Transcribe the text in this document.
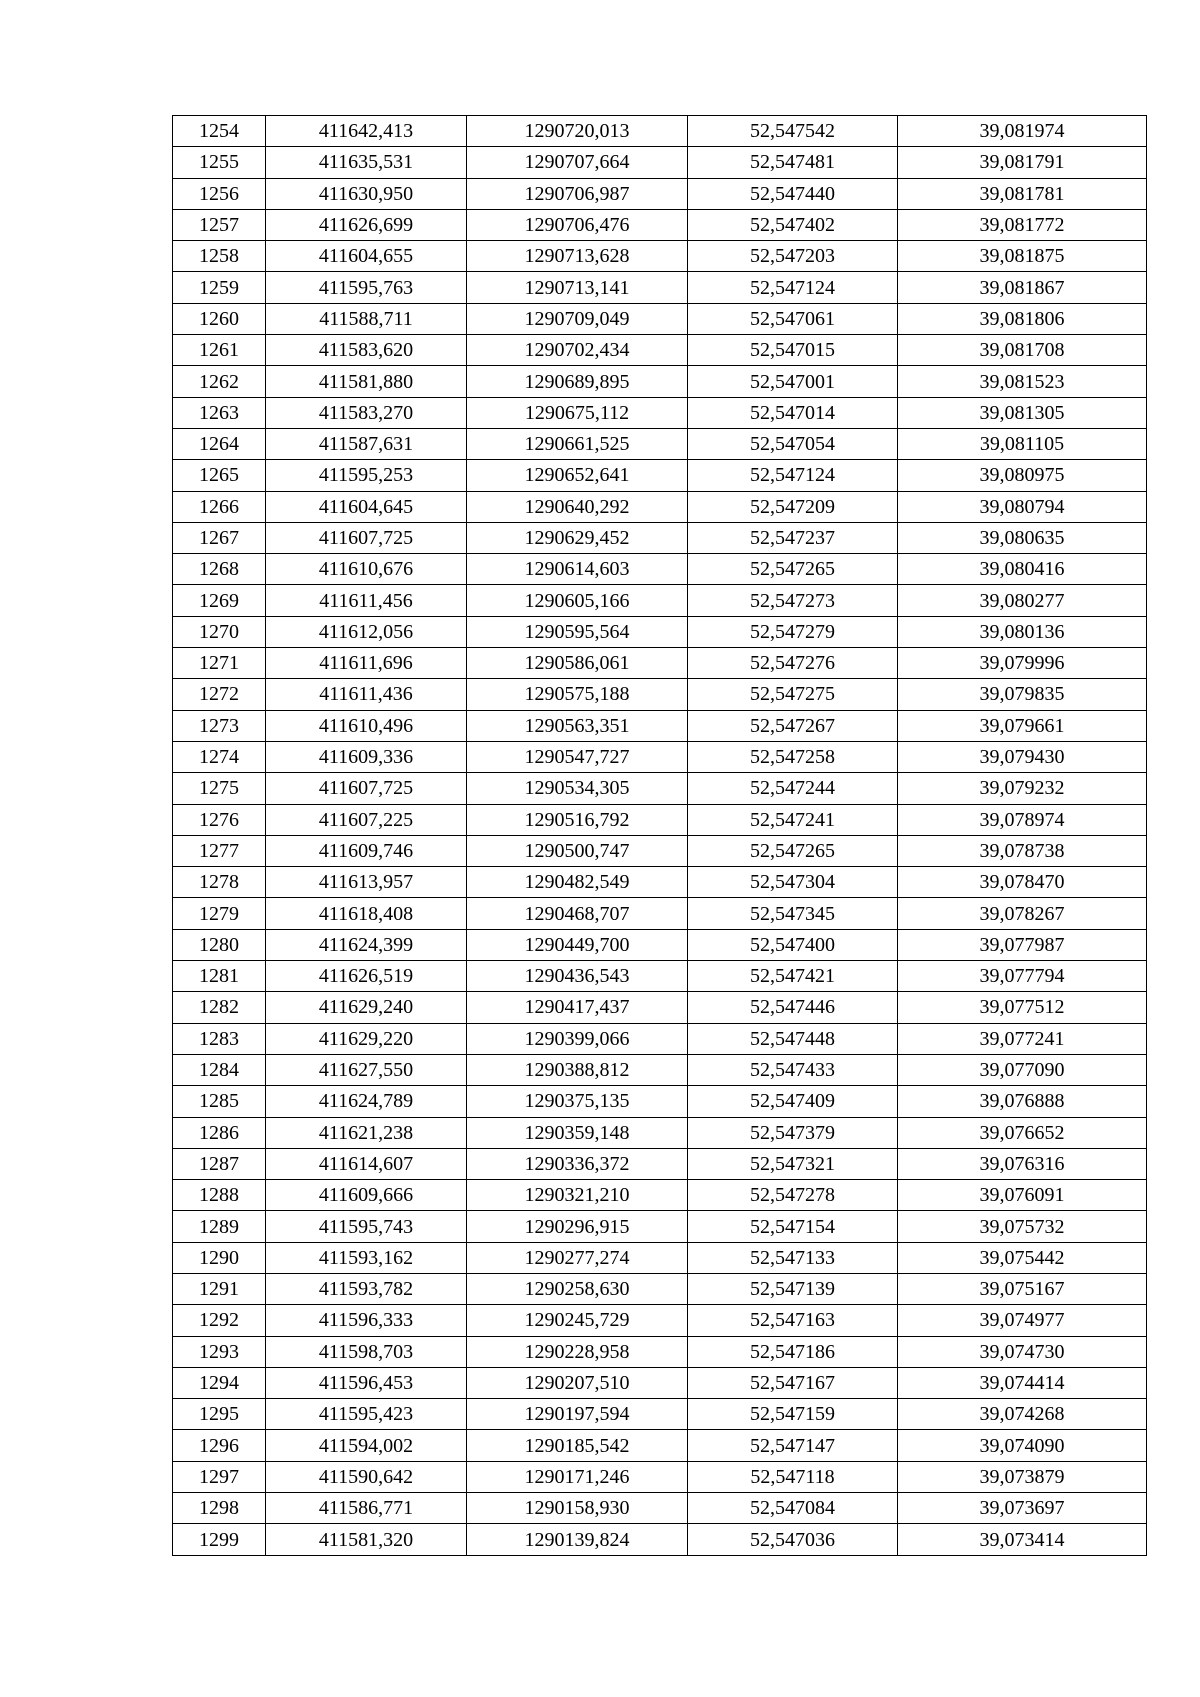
1254	411642,413	1290720,013	52,547542	39,081974
1255	411635,531	1290707,664	52,547481	39,081791
1256	411630,950	1290706,987	52,547440	39,081781
1257	411626,699	1290706,476	52,547402	39,081772
1258	411604,655	1290713,628	52,547203	39,081875
1259	411595,763	1290713,141	52,547124	39,081867
1260	411588,711	1290709,049	52,547061	39,081806
1261	411583,620	1290702,434	52,547015	39,081708
1262	411581,880	1290689,895	52,547001	39,081523
1263	411583,270	1290675,112	52,547014	39,081305
1264	411587,631	1290661,525	52,547054	39,081105
1265	411595,253	1290652,641	52,547124	39,080975
1266	411604,645	1290640,292	52,547209	39,080794
1267	411607,725	1290629,452	52,547237	39,080635
1268	411610,676	1290614,603	52,547265	39,080416
1269	411611,456	1290605,166	52,547273	39,080277
1270	411612,056	1290595,564	52,547279	39,080136
1271	411611,696	1290586,061	52,547276	39,079996
1272	411611,436	1290575,188	52,547275	39,079835
1273	411610,496	1290563,351	52,547267	39,079661
1274	411609,336	1290547,727	52,547258	39,079430
1275	411607,725	1290534,305	52,547244	39,079232
1276	411607,225	1290516,792	52,547241	39,078974
1277	411609,746	1290500,747	52,547265	39,078738
1278	411613,957	1290482,549	52,547304	39,078470
1279	411618,408	1290468,707	52,547345	39,078267
1280	411624,399	1290449,700	52,547400	39,077987
1281	411626,519	1290436,543	52,547421	39,077794
1282	411629,240	1290417,437	52,547446	39,077512
1283	411629,220	1290399,066	52,547448	39,077241
1284	411627,550	1290388,812	52,547433	39,077090
1285	411624,789	1290375,135	52,547409	39,076888
1286	411621,238	1290359,148	52,547379	39,076652
1287	411614,607	1290336,372	52,547321	39,076316
1288	411609,666	1290321,210	52,547278	39,076091
1289	411595,743	1290296,915	52,547154	39,075732
1290	411593,162	1290277,274	52,547133	39,075442
1291	411593,782	1290258,630	52,547139	39,075167
1292	411596,333	1290245,729	52,547163	39,074977
1293	411598,703	1290228,958	52,547186	39,074730
1294	411596,453	1290207,510	52,547167	39,074414
1295	411595,423	1290197,594	52,547159	39,074268
1296	411594,002	1290185,542	52,547147	39,074090
1297	411590,642	1290171,246	52,547118	39,073879
1298	411586,771	1290158,930	52,547084	39,073697
1299	411581,320	1290139,824	52,547036	39,073414
